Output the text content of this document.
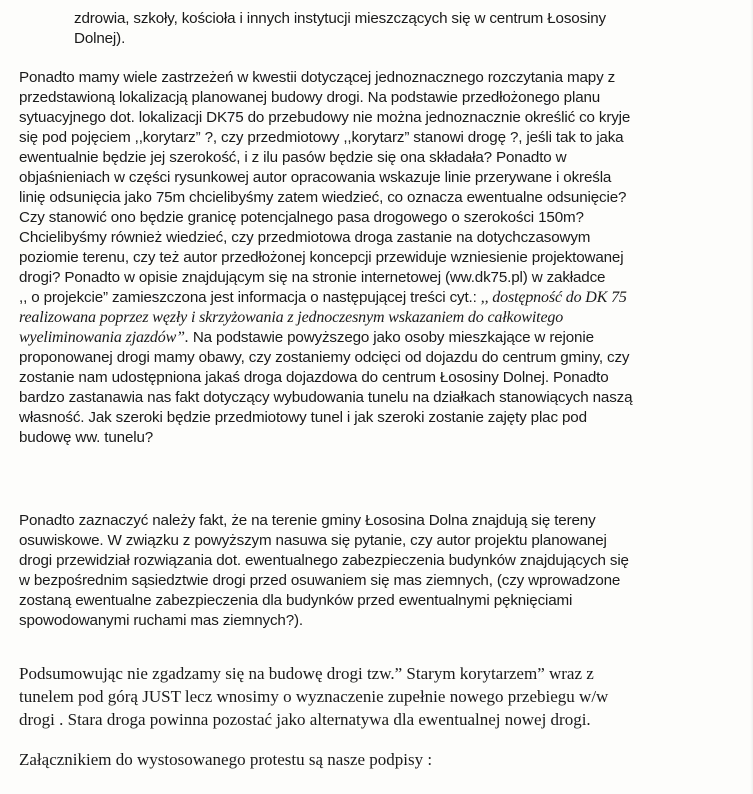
zdrowia, szkoły, kościoła i innych instytucji mieszczących się w centrum Łososiny
Dolnej).
Ponadto mamy wiele zastrzeżeń w kwestii dotyczącej jednoznacznego rozczytania mapy z
przedstawioną lokalizacją planowanej budowy drogi. Na podstawie przedłożonego planu
sytuacyjnego dot. lokalizacji DK75 do przebudowy nie można jednoznacznie określić co kryje
się pod pojęciem ,,korytarz” ?, czy przedmiotowy ,,korytarz” stanowi drogę ?, jeśli tak to jaka
ewentualnie będzie jej szerokość, i z ilu pasów będzie się ona składała? Ponadto w
objaśnieniach w części rysunkowej autor opracowania wskazuje linie przerywane i określa
linię odsunięcia jako 75m chcielibyśmy zatem wiedzieć, co oznacza ewentualne odsunięcie?
Czy stanowić ono będzie granicę potencjalnego pasa drogowego o szerokości 150m?
Chcielibyśmy również wiedzieć, czy przedmiotowa droga zastanie na dotychczasowym
poziomie terenu, czy też autor przedłożonej koncepcji przewiduje wzniesienie projektowanej
drogi? Ponadto w opisie znajdującym się na stronie internetowej (ww.dk75.pl) w zakładce
,, o projekcie” zamieszczona jest informacja o następującej treści cyt.: ,, dostępność do DK 75
realizowana poprzez węzły i skrzyżowania z jednoczesnym wskazaniem do całkowitego
wyeliminowania zjazdów”. Na podstawie powyższego jako osoby mieszkające w rejonie
proponowanej drogi mamy obawy, czy zostaniemy odcięci od dojazdu do centrum gminy, czy
zostanie nam udostępniona jakaś droga dojazdowa do centrum Łososiny Dolnej. Ponadto
bardzo zastanawia nas fakt dotyczący wybudowania tunelu na działkach stanowiących naszą
własność. Jak szeroki będzie przedmiotowy tunel i jak szeroki zostanie zajęty plac pod
budowę ww. tunelu?
Ponadto zaznaczyć należy fakt, że na terenie gminy Łososina Dolna znajdują się tereny
osuwiskowe. W związku z powyższym nasuwa się pytanie, czy autor projektu planowanej
drogi przewidział rozwiązania dot. ewentualnego zabezpieczenia budynków znajdujących się
w bezpośrednim sąsiedztwie drogi przed osuwaniem się mas ziemnych, (czy wprowadzone
zostaną ewentualne zabezpieczenia dla budynków przed ewentualnymi pęknięciami
spowodowanymi ruchami mas ziemnych?).
Podsumowując nie zgadzamy się na budowę drogi tzw.” Starym korytarzem” wraz z
tunelem pod górą JUST lecz wnosimy o wyznaczenie zupełnie nowego przebiegu w/w
drogi . Stara droga powinna pozostać jako alternatywa dla ewentualnej nowej drogi.
Załącznikiem do wystosowanego protestu są nasze podpisy :
